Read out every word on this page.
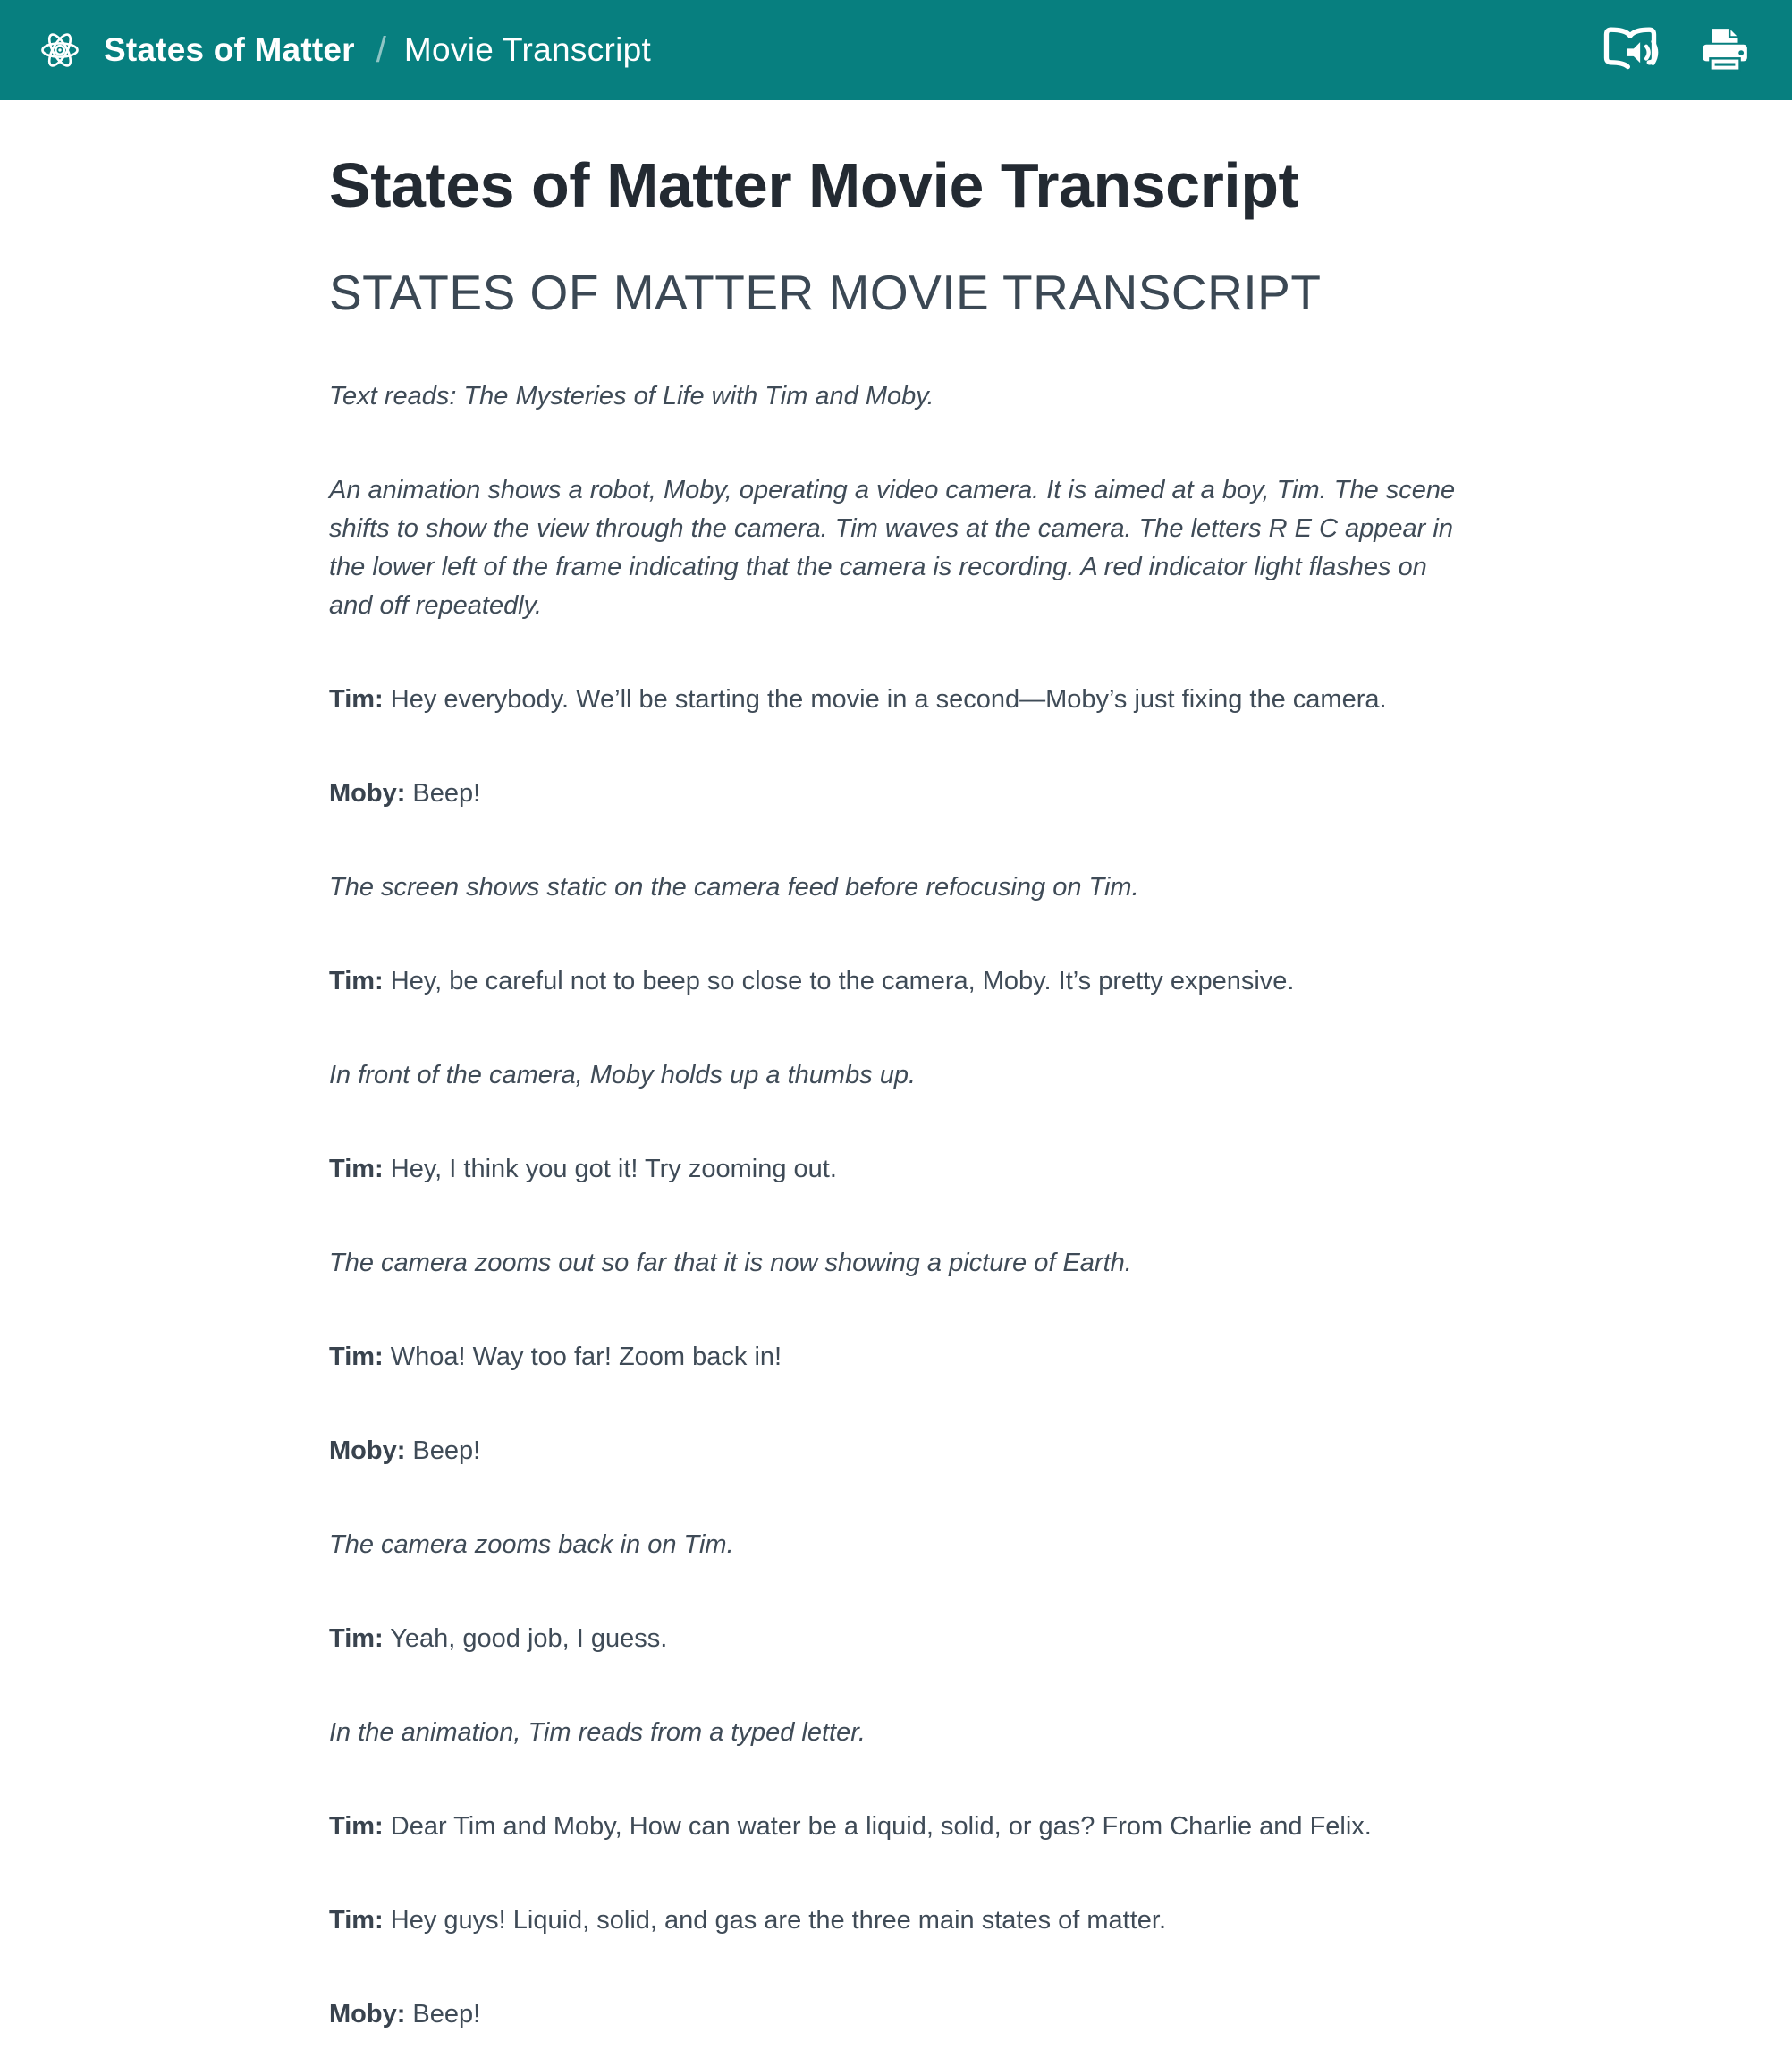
States of Matter / Movie Transcript
States of Matter Movie Transcript
STATES OF MATTER MOVIE TRANSCRIPT

Text reads: The Mysteries of Life with Tim and Moby.

An animation shows a robot, Moby, operating a video camera. It is aimed at a boy, Tim. The scene shifts to show the view through the camera. Tim waves at the camera. The letters R E C appear in the lower left of the frame indicating that the camera is recording. A red indicator light flashes on and off repeatedly.

Tim: Hey everybody. We’ll be starting the movie in a second—Moby’s just fixing the camera.

Moby: Beep!

The screen shows static on the camera feed before refocusing on Tim.

Tim: Hey, be careful not to beep so close to the camera, Moby. It’s pretty expensive.

In front of the camera, Moby holds up a thumbs up.

Tim: Hey, I think you got it! Try zooming out.

The camera zooms out so far that it is now showing a picture of Earth.

Tim: Whoa! Way too far! Zoom back in!

Moby: Beep!

The camera zooms back in on Tim.

Tim: Yeah, good job, I guess.

In the animation, Tim reads from a typed letter.

Tim: Dear Tim and Moby, How can water be a liquid, solid, or gas? From Charlie and Felix.

Tim: Hey guys! Liquid, solid, and gas are the three main states of matter.

Moby: Beep!
